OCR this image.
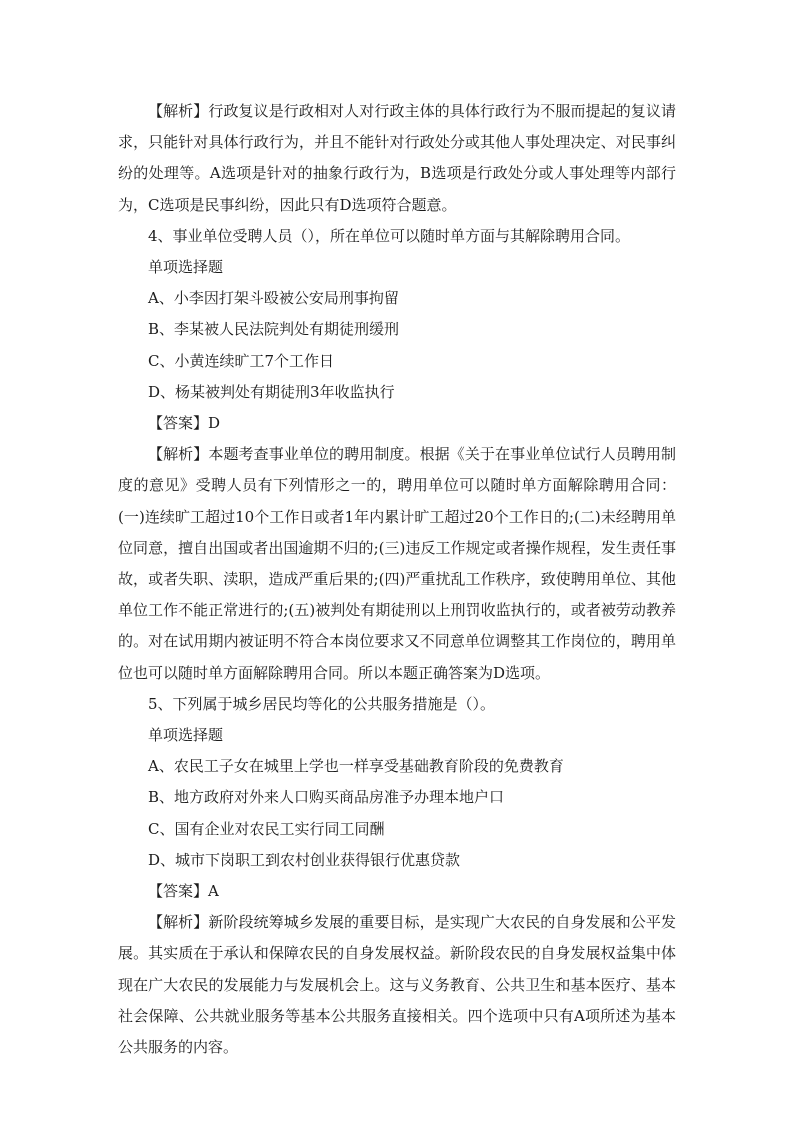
【解析】行政复议是行政相对人对行政主体的具体行政行为不服而提起的复议请求，只能针对具体行政行为，并且不能针对行政处分或其他人事处理决定、对民事纠纷的处理等。A选项是针对的抽象行政行为，B选项是行政处分或人事处理等内部行为，C选项是民事纠纷，因此只有D选项符合题意。

4、事业单位受聘人员（），所在单位可以随时单方面与其解除聘用合同。

单项选择题

A、小李因打架斗殴被公安局刑事拘留

B、李某被人民法院判处有期徒刑缓刑

C、小黄连续旷工7个工作日

D、杨某被判处有期徒刑3年收监执行

【答案】D

【解析】本题考查事业单位的聘用制度。根据《关于在事业单位试行人员聘用制度的意见》受聘人员有下列情形之一的，聘用单位可以随时单方面解除聘用合同：(一)连续旷工超过10个工作日或者1年内累计旷工超过20个工作日的;(二)未经聘用单位同意，擅自出国或者出国逾期不归的;(三)违反工作规定或者操作规程，发生责任事故，或者失职、渎职，造成严重后果的;(四)严重扰乱工作秩序，致使聘用单位、其他单位工作不能正常进行的;(五)被判处有期徒刑以上刑罚收监执行的，或者被劳动教养的。对在试用期内被证明不符合本岗位要求又不同意单位调整其工作岗位的，聘用单位也可以随时单方面解除聘用合同。所以本题正确答案为D选项。

5、下列属于城乡居民均等化的公共服务措施是（）。

单项选择题

A、农民工子女在城里上学也一样享受基础教育阶段的免费教育

B、地方政府对外来人口购买商品房准予办理本地户口

C、国有企业对农民工实行同工同酬

D、城市下岗职工到农村创业获得银行优惠贷款

【答案】A

【解析】新阶段统筹城乡发展的重要目标，是实现广大农民的自身发展和公平发展。其实质在于承认和保障农民的自身发展权益。新阶段农民的自身发展权益集中体现在广大农民的发展能力与发展机会上。这与义务教育、公共卫生和基本医疗、基本社会保障、公共就业服务等基本公共服务直接相关。四个选项中只有A项所述为基本公共服务的内容。
